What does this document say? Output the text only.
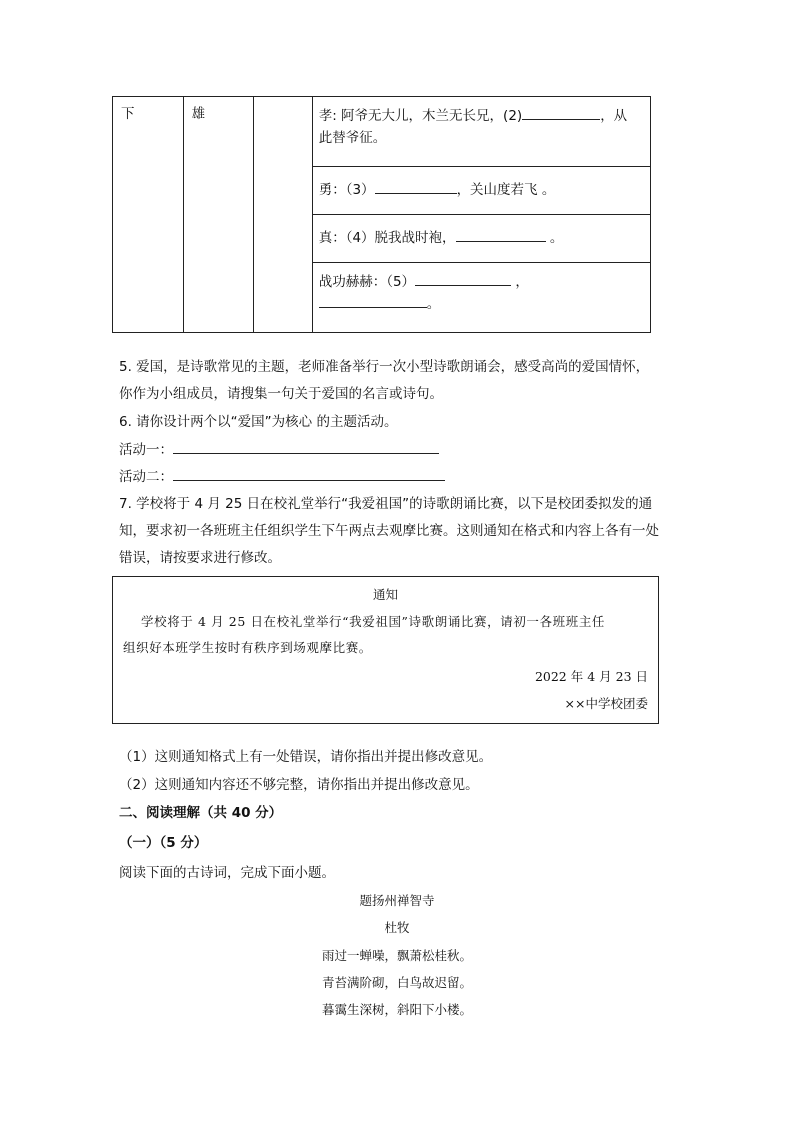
下	雄		孝: 阿爷无大儿，木兰无长兄，(2)	，从
此替爷征。

勇：（3）	，关山度若飞 。

真：（4）脱我战时袍，	。

战功赫赫：（5）	，
。
5. 爱国，是诗歌常见的主题，老师准备举行一次小型诗歌朗诵会，感受高尚的爱国情怀，
你作为小组成员，请搜集一句关于爱国的名言或诗句。
6. 请你设计两个以“爱国”为核心 的主题活动。
活动一：
活动二：
7. 学校将于 4 月 25 日在校礼堂举行“我爱祖国”的诗歌朗诵比赛，以下是校团委拟发的通
知，要求初一各班班主任组织学生下午两点去观摩比赛。这则通知在格式和内容上各有一处
错误，请按要求进行修改。
通知
学校将于 4 月 25 日在校礼堂举行“我爱祖国”诗歌朗诵比赛，请初一各班班主任
组织好本班学生按时有秩序到场观摩比赛。
2022 年 4 月 23 日
××中学校团委
（1）这则通知格式上有一处错误，请你指出并提出修改意见。
（2）这则通知内容还不够完整，请你指出并提出修改意见。
二、阅读理解（共 40 分）
（一）（5 分）
阅读下面的古诗词，完成下面小题。
题扬州禅智寺
杜牧
雨过一蝉噪，飘萧松桂秋。
青苔满阶砌，白鸟故迟留。
暮霭生深树，斜阳下小楼。
